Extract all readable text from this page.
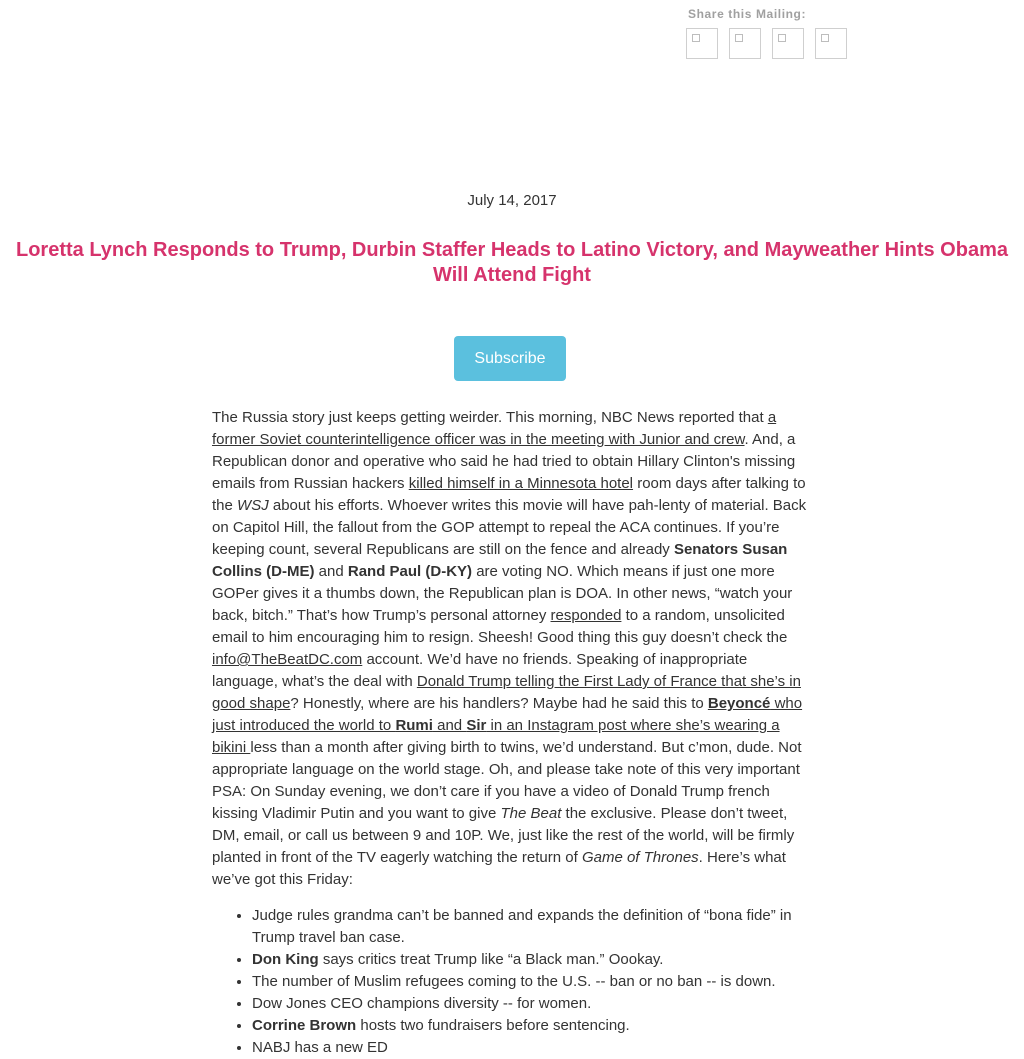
Share this Mailing:
July 14, 2017
Loretta Lynch Responds to Trump, Durbin Staffer Heads to Latino Victory, and Mayweather Hints Obama Will Attend Fight
Subscribe

The Russia story just keeps getting weirder. This morning, NBC News reported that a former Soviet counterintelligence officer was in the meeting with Junior and crew. And, a Republican donor and operative who said he had tried to obtain Hillary Clinton's missing emails from Russian hackers killed himself in a Minnesota hotel room days after talking to the WSJ about his efforts. Whoever writes this movie will have pah-lenty of material. Back on Capitol Hill, the fallout from the GOP attempt to repeal the ACA continues. If you’re keeping count, several Republicans are still on the fence and already Senators Susan Collins (D-ME) and Rand Paul (D-KY) are voting NO. Which means if just one more GOPer gives it a thumbs down, the Republican plan is DOA. In other news, “watch your back, bitch.” That’s how Trump’s personal attorney responded to a random, unsolicited email to him encouraging him to resign. Sheesh! Good thing this guy doesn’t check the info@TheBeatDC.com account. We’d have no friends. Speaking of inappropriate language, what’s the deal with Donald Trump telling the First Lady of France that she’s in good shape? Honestly, where are his handlers? Maybe had he said this to Beyoncé who just introduced the world to Rumi and Sir in an Instagram post where she’s wearing a bikini less than a month after giving birth to twins, we’d understand. But c’mon, dude. Not appropriate language on the world stage. Oh, and please take note of this very important PSA: On Sunday evening, we don’t care if you have a video of Donald Trump french kissing Vladimir Putin and you want to give The Beat the exclusive. Please don’t tweet, DM, email, or call us between 9 and 10P. We, just like the rest of the world, will be firmly planted in front of the TV eagerly watching the return of Game of Thrones. Here’s what we’ve got this Friday:

• Judge rules grandma can’t be banned and expands the definition of “bona fide” in Trump travel ban case.
• Don King says critics treat Trump like “a Black man.” Oookay.
• The number of Muslim refugees coming to the U.S. -- ban or no ban -- is down.
• Dow Jones CEO champions diversity -- for women.
• Corrine Brown hosts two fundraisers before sentencing.
• NABJ has a new ED
